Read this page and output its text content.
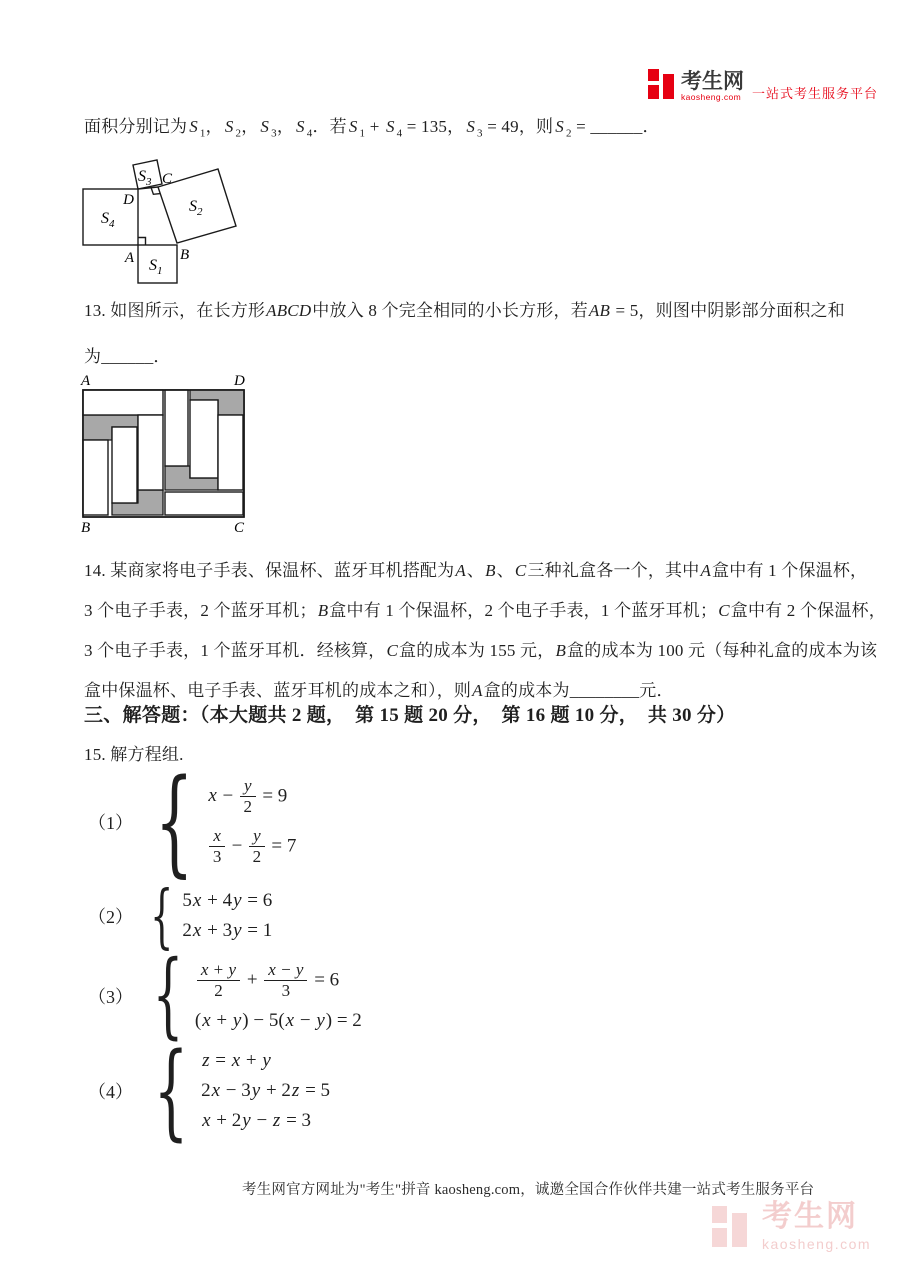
考生网
kaosheng.com 一站式考生服务平台
面积分别记为 S $_1$， S $_2$， S $_3$， S $_4$．若 S $_1$ + S $_4$ = 135， S $_3$ = 49，则 S $_2$ = ______．
$S_4$
$S_1$
$S_2$
$S_3$
D
A	B
C
13. 如图所示，在长方形ABCD中放入 8 个完全相同的小长方形，若AB = 5，则图中阴影部分面积之和
为______．
A	D
B	C
14. 某商家将电子手表、保温杯、蓝牙耳机搭配为A、B、C三种礼盒各一个，其中A盒中有 1 个保温杯，
3 个电子手表，2 个蓝牙耳机；B盒中有 1 个保温杯，2 个电子手表，1 个蓝牙耳机；C盒中有 2 个保温杯，
3 个电子手表，1 个蓝牙耳机．经核算，C盒的成本为 155 元，B盒的成本为 100 元（每种礼盒的成本为该
盒中保温杯、电子手表、蓝牙耳机的成本之和），则A盒的成本为________元．
三、解答题：（本大题共 2 题，　第 15 题 20 分，　第 16 题 10 分，　共 30 分）
15. 解方程组.
（1） { $x - \frac{y}{2} = 9$
$\frac{x}{3} - \frac{y}{2} = 7$
（2） { 5x + 4y = 6
2x + 3y = 1
（3） { $\frac{x + y}{2} + \frac{x - y}{3} = 6$
(x + y) − 5(x − y) = 2
（4） { z = x + y
2x − 3y + 2z = 5
x + 2y − z = 3
考生网官方网址为"考生"拼音 kaosheng.com，诚邀全国合作伙伴共建一站式考生服务平台
考生网
kaosheng.com
